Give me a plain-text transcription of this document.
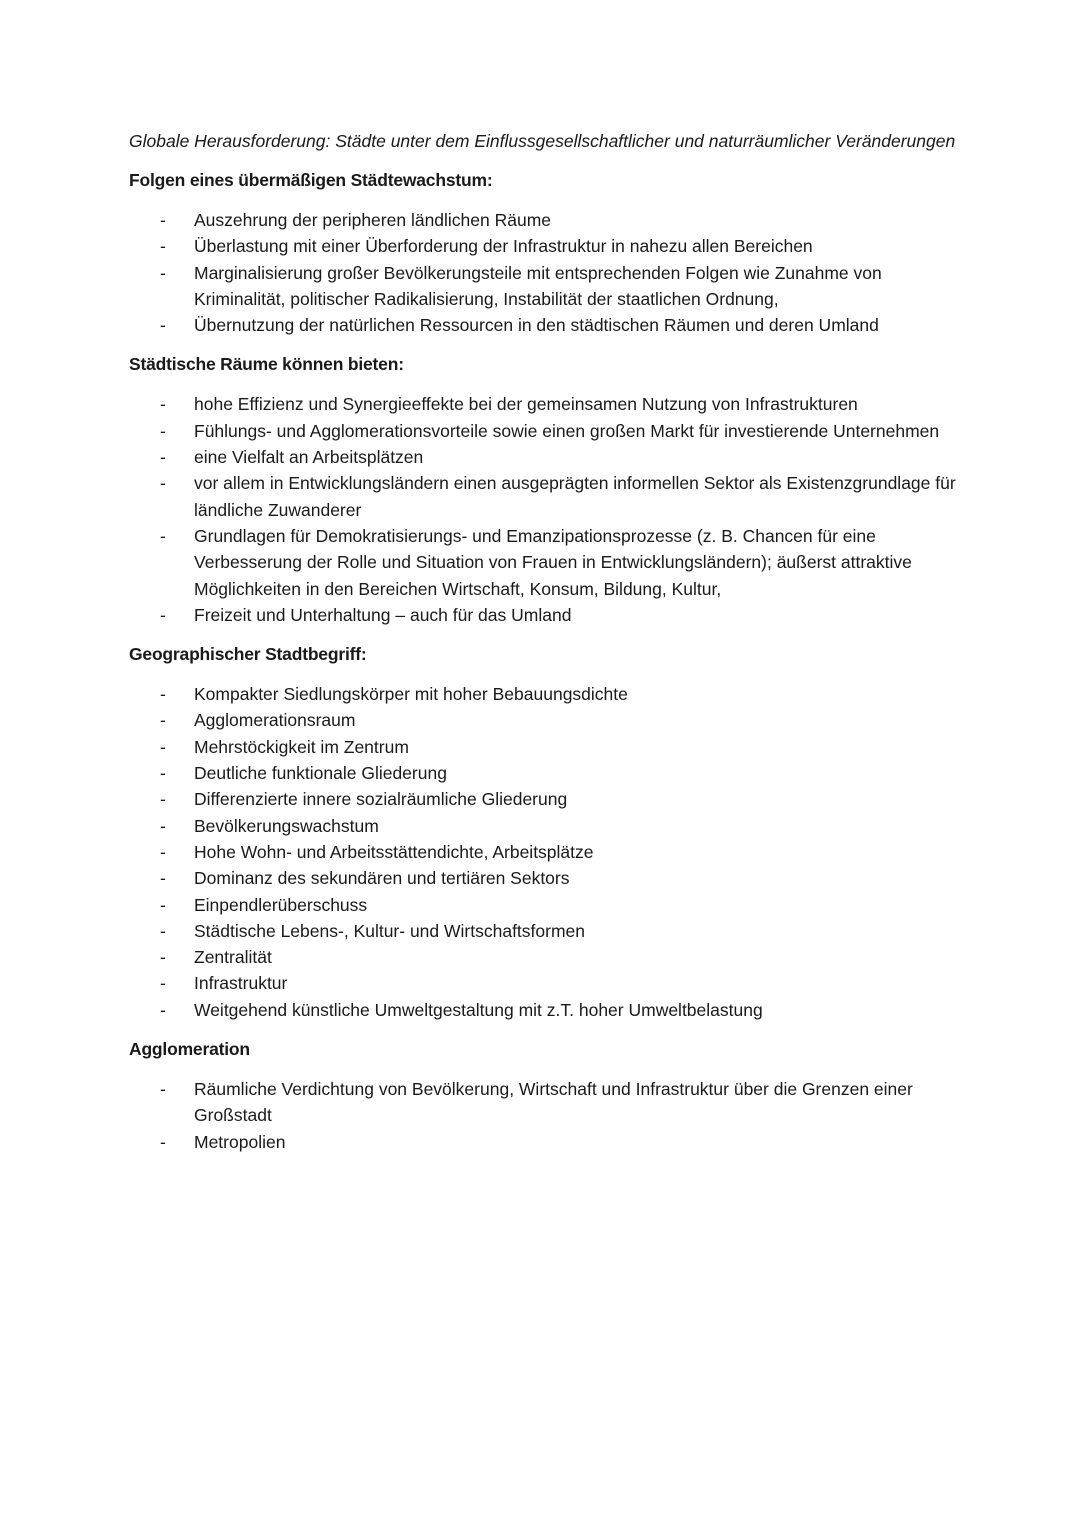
Globale Herausforderung: Städte unter dem Einflussgesellschaftlicher und naturräumlicher Veränderungen

Folgen eines übermäßigen Städtewachstum:
- Auszehrung der peripheren ländlichen Räume
- Überlastung mit einer Überforderung der Infrastruktur in nahezu allen Bereichen
- Marginalisierung großer Bevölkerungsteile mit entsprechenden Folgen wie Zunahme von Kriminalität, politischer Radikalisierung, Instabilität der staatlichen Ordnung,
- Übernutzung der natürlichen Ressourcen in den städtischen Räumen und deren Umland
Städtische Räume können bieten:
- hohe Effizienz und Synergieeffekte bei der gemeinsamen Nutzung von Infrastrukturen
- Fühlungs- und Agglomerationsvorteile sowie einen großen Markt für investierende Unternehmen
- eine Vielfalt an Arbeitsplätzen
- vor allem in Entwicklungsländern einen ausgeprägten informellen Sektor als Existenzgrundlage für ländliche Zuwanderer
- Grundlagen für Demokratisierungs- und Emanzipationsprozesse (z. B. Chancen für eine Verbesserung der Rolle und Situation von Frauen in Entwicklungsländern); äußerst attraktive Möglichkeiten in den Bereichen Wirtschaft, Konsum, Bildung, Kultur,
- Freizeit und Unterhaltung – auch für das Umland
Geographischer Stadtbegriff:
- Kompakter Siedlungskörper mit hoher Bebauungsdichte
- Agglomerationsraum
- Mehrstöckigkeit im Zentrum
- Deutliche funktionale Gliederung
- Differenzierte innere sozialräumliche Gliederung
- Bevölkerungswachstum
- Hohe Wohn- und Arbeitsstättendichte, Arbeitsplätze
- Dominanz des sekundären und tertiären Sektors
- Einpendlerüberschuss
- Städtische Lebens-, Kultur- und Wirtschaftsformen
- Zentralität
- Infrastruktur
- Weitgehend künstliche Umweltgestaltung mit z.T. hoher Umweltbelastung
Agglomeration
- Räumliche Verdichtung von Bevölkerung, Wirtschaft und Infrastruktur über die Grenzen einer Großstadt
- Metropolien
